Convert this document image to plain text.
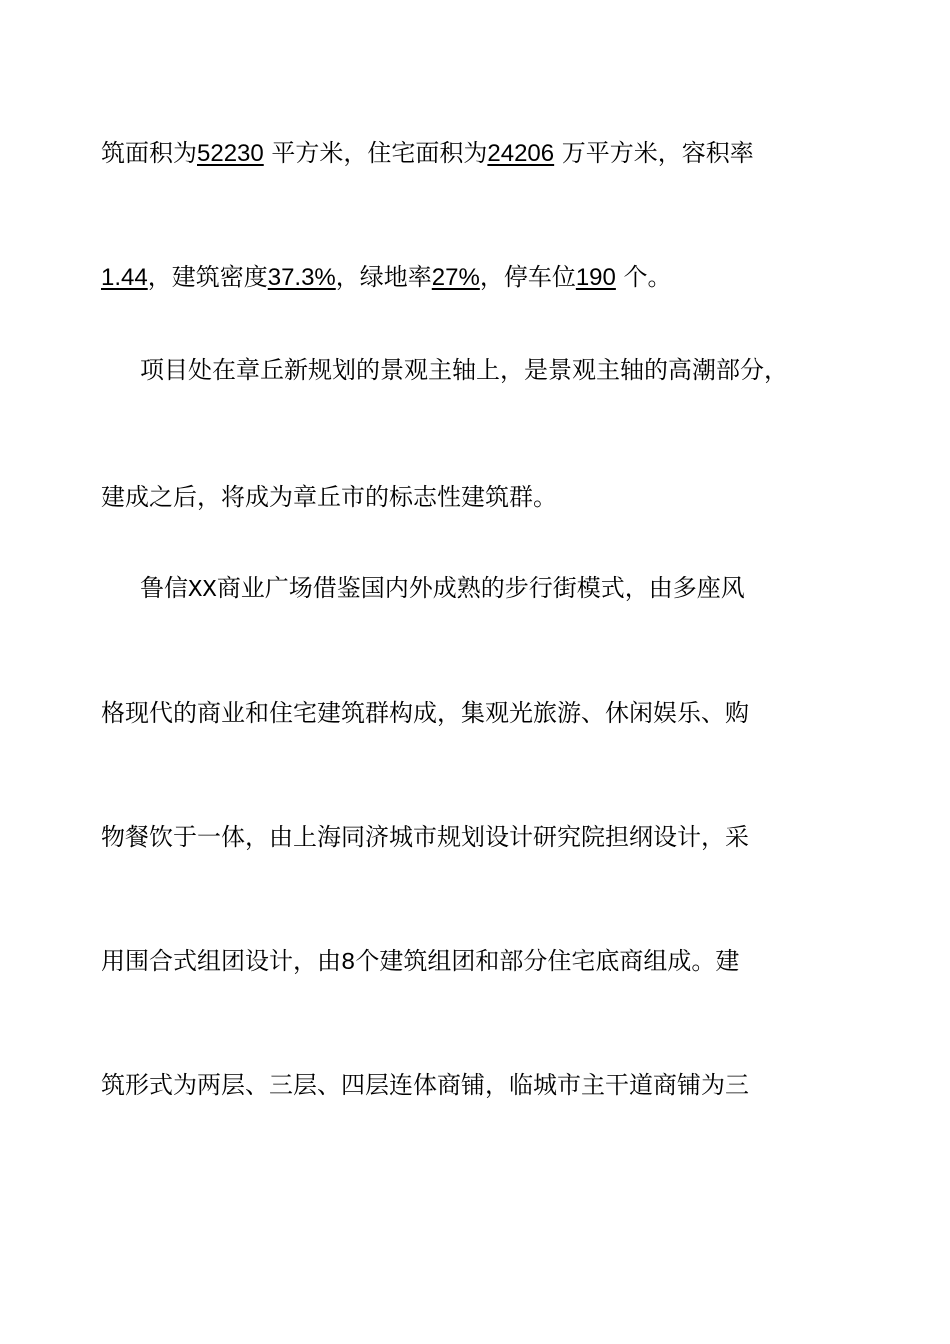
筑面积为52230 平方米，住宅面积为24206 万平方米，容积率
1.44，建筑密度37.3%，绿地率27%，停车位190 个。
项目处在章丘新规划的景观主轴上，是景观主轴的高潮部分，
建成之后，将成为章丘市的标志性建筑群。
鲁信XX商业广场借鉴国内外成熟的步行街模式，由多座风
格现代的商业和住宅建筑群构成，集观光旅游、休闲娱乐、购
物餐饮于一体，由上海同济城市规划设计研究院担纲设计，采
用围合式组团设计，由8个建筑组团和部分住宅底商组成。建
筑形式为两层、三层、四层连体商铺，临城市主干道商铺为三
